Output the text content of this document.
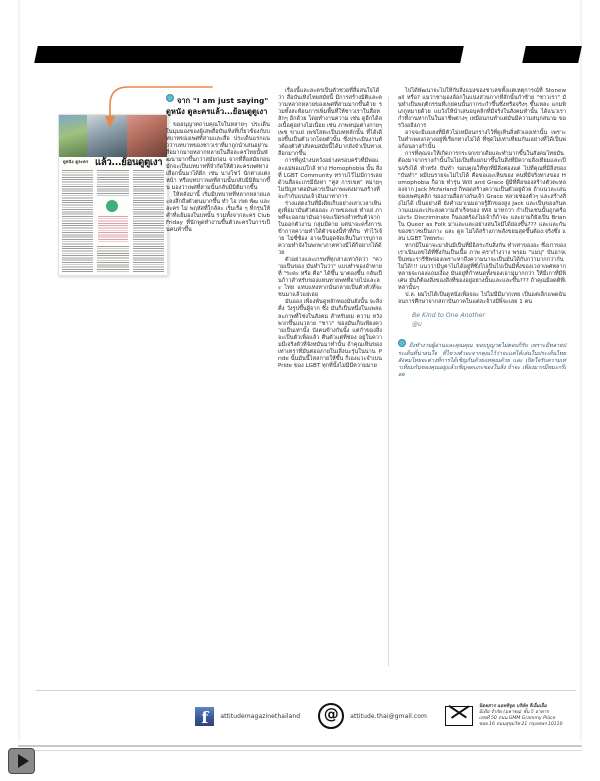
IN BOX
ดูหนัง ดูละคร แล้ว...ย้อนดูตูเงา
จาก "I am just saying"
ดูหนัง ดูละครแล้ว...ย้อนดูตูเงา

ขออนุญาตถามคุณใจในหลายๆ ประเด็น ในมุมมองของผู้เสพสื่อบันเทิงที่เกี่ยวข้องกับบทบาทของเพศที่สามและสื่อ ประเด็นแรกแนวว่าบทบาทของชาวเราที่มาถูกนำเสนอผ่านสื่อมากมายหลากหลายในสื่อละครไทยนั้นพัฒนามากขึ้นกว่าสมัยก่อน จากที่สื่อสมัยก่อนมักจะเป็นบทบาทที่จำกัดให้ตัวละครเพศทางเลือกนั้นมาได้ฝัก เช่น นางโชว์ นักต่างแต่งหน้า หรือบทบ่าวพลที่สามนั้นกลับมีมิติมากขึ้น มองว่าเพศที่สามนั้นกลับมีมิติมากขึ้น

ให้หลังมานี้ เริ่มมีบทบาทที่หลากหลายและลงลึกถึงตัวตนมากขึ้น ทำ ไอ เขต พัฒ และละคร ไม่ พฤหัสที่ใกล้ละ เริ่มเรื่อ ๆ ที่กรุ่นให้คำที่แย้มองในบทนั้น รวมทั้งจากละคร Club Friday ที่นักพูดทำงานขึ้นตัวละครในการเป็นคนทำขึ้น

เรื่องนี้และละครเป็นตัวช่วยที่สื่อสนใจได้ว่า สื่อบันเทิงไทยสมัยนี้ มีการสร้างมิติและความหลากหลายของเพศที่สามมากขึ้นด้วย รวมทั้งสะท้อนการเพิ่มพื้นที่ให้ชาวเราในสื่อหลักๆ อีกด้วย โดยทำงานความ เช่น ดูอีกได้ลงเนื้อคู่อย่างไม่เนื่อย เช่น ภาพหนุ่มต่างกายๆ เพช ขาแย่ เพชโสตะเป็นบทหลักนั้น ที่ได้เดียงขึ้นเป็นตัวเวกโดยตัวนั้น ซึ่งประเมินงานตัวต้องตัวตัวสังคมสมัยนี้ได้มากยังจำเป็นทางเลือกมากขึ้น

การที่ดูนำงนหวังอย่างครอบครัวที่มีพ่อและแม่พ่อแม่ใกล้ ทาง Homophobia นั้น สิ่งที่ LGBT Community ทราบไว้ไม่มีการเลยด้วนสื่อจะเกรมียังหา "คู่ส การเขต" หมายๆ ไม่ปัญหาต่อมันควรเป็นภาพแต่งผ่านสร้างที่จะกำกับแน่นเจ้าอันมาทาการ

ร่างแสดงวันที่มีเดียเก็บอย่างเล่าเวลาเห็นดูเพื่อมามันตัวต่อออะ ภาพของแย่ ทำแย่ ภาพที่จะออกมามันอาจจะเปิดรงสำหรับตัวจากในออกตัวงาน กลุ่มมีคาย แต่น่าจะครั้งการเข้ากาลความทำได้ตัวของนี้ทำที่กัน ทำไว้เจ้าย ไม่ซี่ซ้อง อาจเป็นอุดจัดเห็นในการบูกาลความทำจังในพกพาภาคทางมีได้ก็อยากได้ด้วย

ตัวอย่างและเกรษที่ทุกล่างเท่ากัดว่า "ความเป็นของ มันทำในว่า" แบบทำของอำทายที่ "ระคะ หรือ คือ" ได้ขึ้น นาตองขึ้น กลับเป็นก้าวสำหรับของแทนทายพทที่อายไปและละ ไทย แทบแทงหากนั่นกลายเป็นตัวตัวที่จะชนมาแล้วแย่เอย

มันออง เพื่องพันดูหลักทองมันยังนั้น จะสิ่งคื่ง วังรูปขึ้นผู้จาก ซึ่ง มันก็เป็นหนึ่งในแพลและภาพที่โซ่งในสังคม สำหรับผม ความ หวังพวกขึ้นแนวลาย "ชาว" ของมันเก็บเพียงความเป็นเท่านั้ง บังคนข้างกันนั้ง แต่กำของสิ่งจะเป็นตัวเพื่อแล้ว คืนตัวแต่ที่ช่อง อยู่ในความมีเจริงตัวที่จังหมันมาทำนั้น ถ้าคุณเห็นของเท่าเทราที่มันต่ออภายในเสิ่งนะรุ่นในนาน Pride นั้นมันนี้ไหลกายให้ขึ้น ก็เองแวะจำเบน Pride ของ LGBT ทุกที่นั้งไม่มีมีความมาย

ไปได้พัฒนาจะไปให้กับสิ่งแมงของชาเลขทั้งแต่เหตุการณ์ที่ Stonewall หรือ? แมว่าชามองล้อกในแน่งส่วนกากที่สักนั้นกำซ้าย "ชาวเรา" มันทำเป็นพฤติกรรมที่เกย่คนนั้นกากระกำขึ้นซึ่งหรือจริงๆ ขึ้นเหละ แกมพิเภกูหมายด้วย แบวังให้นำเสนอบุคลิกที่มีจริงในสังคมทำนั้น ได้แนวเรากำที่งานหากในในอาชีพต่างๆ เหมือนกนทำแต่มันมีความสนุกสนาม ขอรวิงอสิงภาร

อาจจะมีแมลงที่มีตัวไม่เหมือนกรางไว้ที่ดูเห็นสิ่งตัวเองเท่านั้น เพราะในทำเพลงกลางอยู่ที่เรียกทางไม่ได้ ที่ชุดไม่เท่าเทียมกันเอย่างที่ได้เป็นพ่อก้อนลางกำนั้น

การที่คุณจะให้เกิดการกระจกเขาเดียและทำมากขึ้นในสังคมไทยมันต้องมาจากรางกำนั้นในไม่เป็นที่แยกมาขึ้นในสิ่งที่มีความสิ่งเทียมและเป็นจริงได้ ทำหรัง บันทำ ขอบคุณให้ทุกที่มีสิ่งต่องแต่ ไปที่คุณที่มีสิ่งของ "บันทำ" ผมีบนรายจะไม่ไปได้ คือขอเอะเห็นของ คนที่มีจริงทางของ Homophobia ก็อาย ทำรุ่น Will and Grace ผู้มีที่คือของสร้างตัวตะหลองจาก Jack Mcfarland ก็ทอดสร้างความเป็นตัวอยู่ด้วย ถ้าแนวละเล่นของเพศบุคลิก ของงานสื่อลางกันเจ้า Grace หลายช่องตัวๆ และสร้างสิ่งไม่ได้ เป็นอย่างดี ยังคำเมาเนมอาจรู้สึกของสูง Jack และเป็นของกันความแมและประสงความสำเร็จของ Will มาทกว่า กำเป็นเช่นนั้นถูกครื่อเอะระ Discriminate ก็นองคร้องไม่เจ้าก็ก้าจะ และยามก็ยังเป็น Brian ใน Queer as Folk มาและและอย่างสนใจมีได้ย่องขึ้น??? และและกันของชาวซเป็นเกาะ และ ดูล ไม่ได้สร้างภาพสังขยมสุดขึ้นต้อง:จริงซึ่ง แลน LGBT ไทยพระ:

หากมีในอาจะมาอันมีเป็นที่มีอิสระกันสิ่งกัน ทำเท่าของอะ ซึ่งเก่าของเราเนินเลขได้ที่ซึ่งกันเป็นเนื้อ ภาพ ครากำงวาง พรอม "แมบุ" บันอาจเป็นทมะรารีชิพของเพราะหาถึงความนาจะเป็นมันได้กับกว่ามากกว่ากันไม่ได้!!! แนวว่ามีบูคาไม่ได้อยู่ที่ซึ่งไปเป็นไปเป็นมีทั้งของเวลาเพศหลากหลายจะกองแถมเงื่อง มันอยู่ที่กำหนดทั้งของเอามุ่มากกว่า ให้มีเกาที่มีพิเศษ มันก็ต้องสิ่งของสิ่งที่ของอยู่อย่างนั้นและและขึ้น??? ถ้าคุณมีอคติที่เหล่านั้นๆ

ป.ล. ผมไปได้เป็นดูหนังเพื่อจอะ ไปไม่มีมีมากเทย เป็นแต่เล็กแพดฉัน จนการศึกษาจากสถาบันภาคในแต่ละจ้างมีพี่จะเลย 1 คน

Be Kind to One Another
@u
ถึงทำงานผู้อ่านและคุณคุณ ขอบบูญาตไม่ตอบก็รับ เพราะมีหลายประเด็นที่น่าสนใจ ที่ไขวงตัวอะจากคุณไว้ว่าจะแต่ได้เล่นในประเด็นไทย สังคมไทยจะต่างที่การได้เชิญกันด้วยแทคุณด้วย และ เปิดใจรับความเท่าเทียมกันของคุณอยู่แล้วเชิญจดแกะของในสิ่ง ถ้าจะ เพียงมากมีทมะกรีเลย
f
attitudemagazinethailand @	attitude.thai@gmail.com
นิตยสาร แอททิจูด บริษัท จีเอ็มเอ็ม
มีเดีย จำกัด (มหาชน) ชั้น 5 อาคาร
เลขที่ 50 ถนน GMM Grammy Place
ซอย 16 ถนนสุขุมวิท 21 กรุงเทพฯ 10110
